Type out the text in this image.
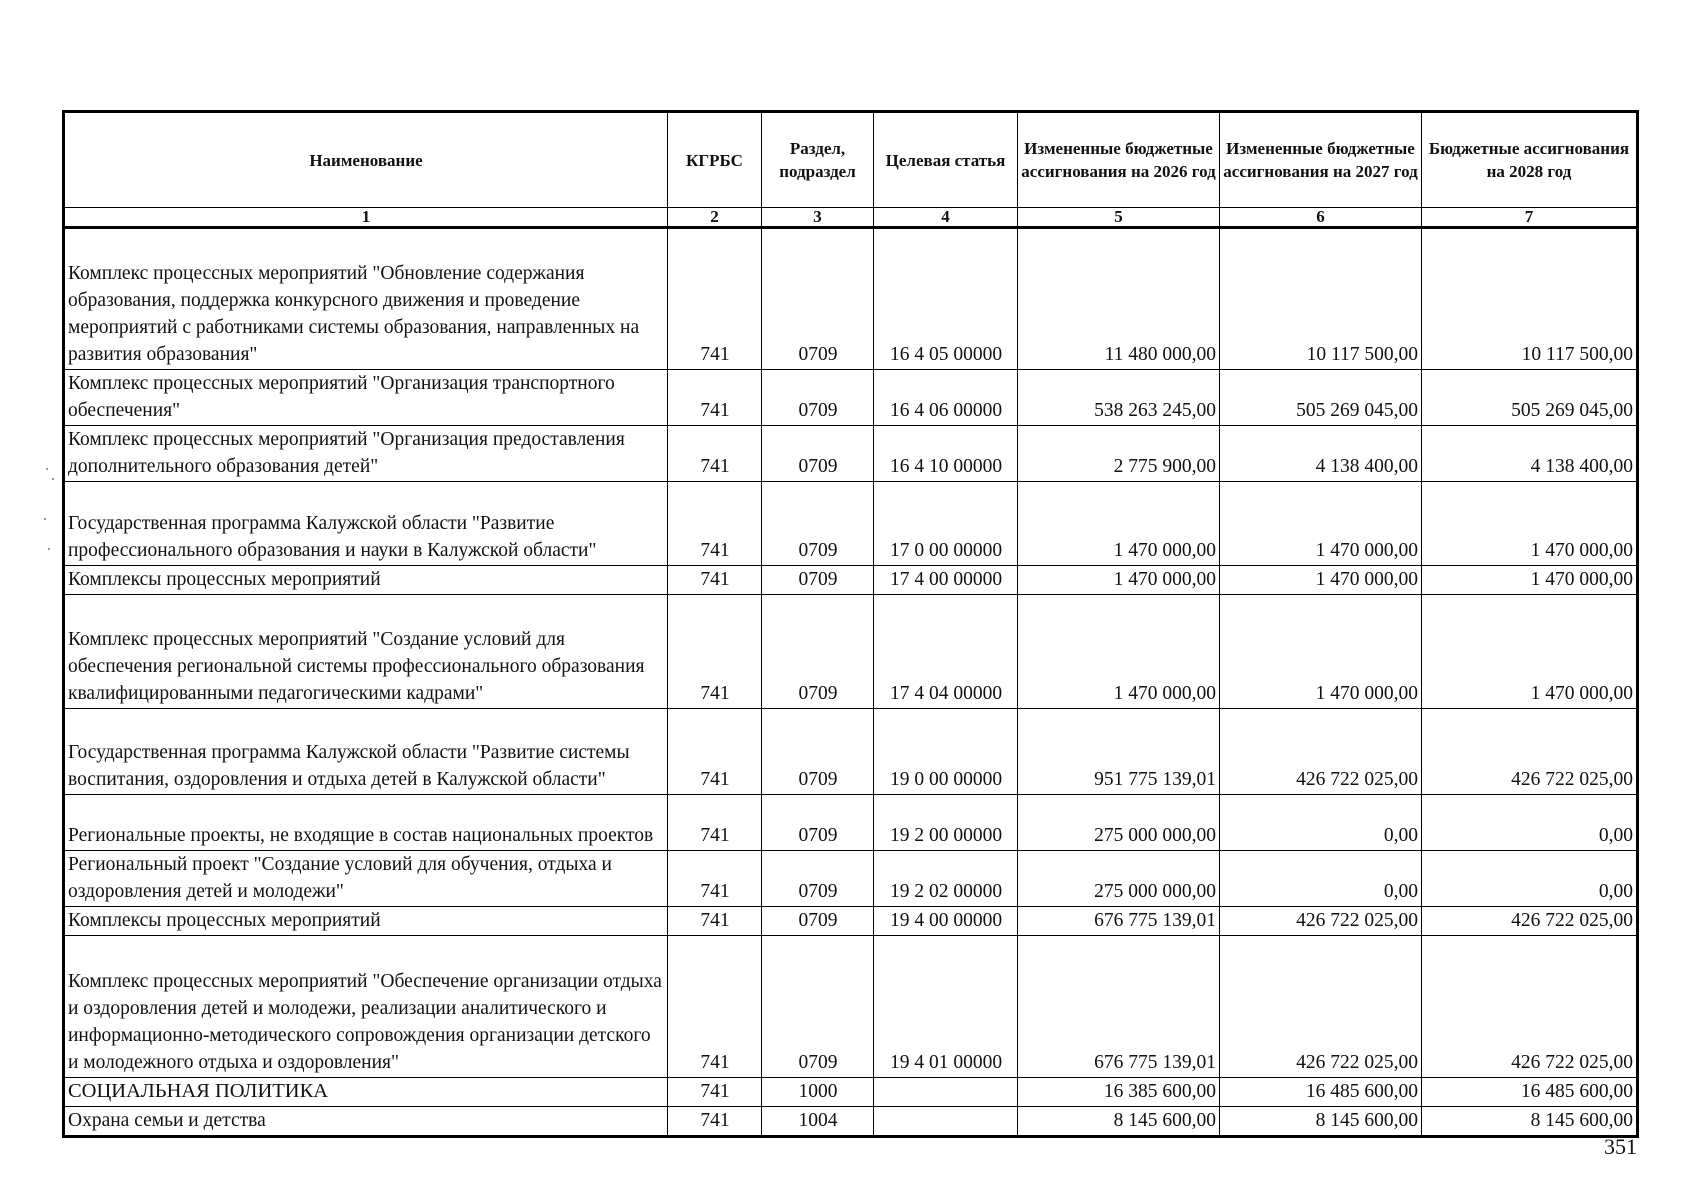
Наименование	КГРБС	Раздел, подраздел	Целевая статья	Измененные бюджетные ассигнования на 2026 год	Измененные бюджетные ассигнования на 2027 год	Бюджетные ассигнования на 2028 год
1	2	3	4	5	6	7
Комплекс процессных мероприятий "Обновление содержания образования, поддержка конкурсного движения и проведение мероприятий с работниками системы образования, направленных на развития образования"	741	0709	16 4 05 00000	11 480 000,00	10 117 500,00	10 117 500,00
Комплекс процессных мероприятий "Организация транспортного обеспечения"	741	0709	16 4 06 00000	538 263 245,00	505 269 045,00	505 269 045,00
Комплекс процессных мероприятий "Организация предоставления дополнительного образования детей"	741	0709	16 4 10 00000	2 775 900,00	4 138 400,00	4 138 400,00
Государственная программа Калужской области "Развитие профессионального образования и науки в Калужской области"	741	0709	17 0 00 00000	1 470 000,00	1 470 000,00	1 470 000,00
Комплексы процессных мероприятий	741	0709	17 4 00 00000	1 470 000,00	1 470 000,00	1 470 000,00
Комплекс процессных мероприятий "Создание условий для обеспечения региональной системы профессионального образования квалифицированными педагогическими кадрами"	741	0709	17 4 04 00000	1 470 000,00	1 470 000,00	1 470 000,00
Государственная программа Калужской области "Развитие системы воспитания, оздоровления и отдыха детей в Калужской области"	741	0709	19 0 00 00000	951 775 139,01	426 722 025,00	426 722 025,00
Региональные проекты, не входящие в состав национальных проектов	741	0709	19 2 00 00000	275 000 000,00	0,00	0,00
Региональный проект "Создание условий для обучения, отдыха и оздоровления детей и молодежи"	741	0709	19 2 02 00000	275 000 000,00	0,00	0,00
Комплексы процессных мероприятий	741	0709	19 4 00 00000	676 775 139,01	426 722 025,00	426 722 025,00
Комплекс процессных мероприятий "Обеспечение организации отдыха и оздоровления детей и молодежи, реализации аналитического и информационно-методического сопровождения организации детского и молодежного отдыха и оздоровления"	741	0709	19 4 01 00000	676 775 139,01	426 722 025,00	426 722 025,00
СОЦИАЛЬНАЯ ПОЛИТИКА	741	1000		16 385 600,00	16 485 600,00	16 485 600,00
Охрана семьи и детства	741	1004		8 145 600,00	8 145 600,00	8 145 600,00
351
